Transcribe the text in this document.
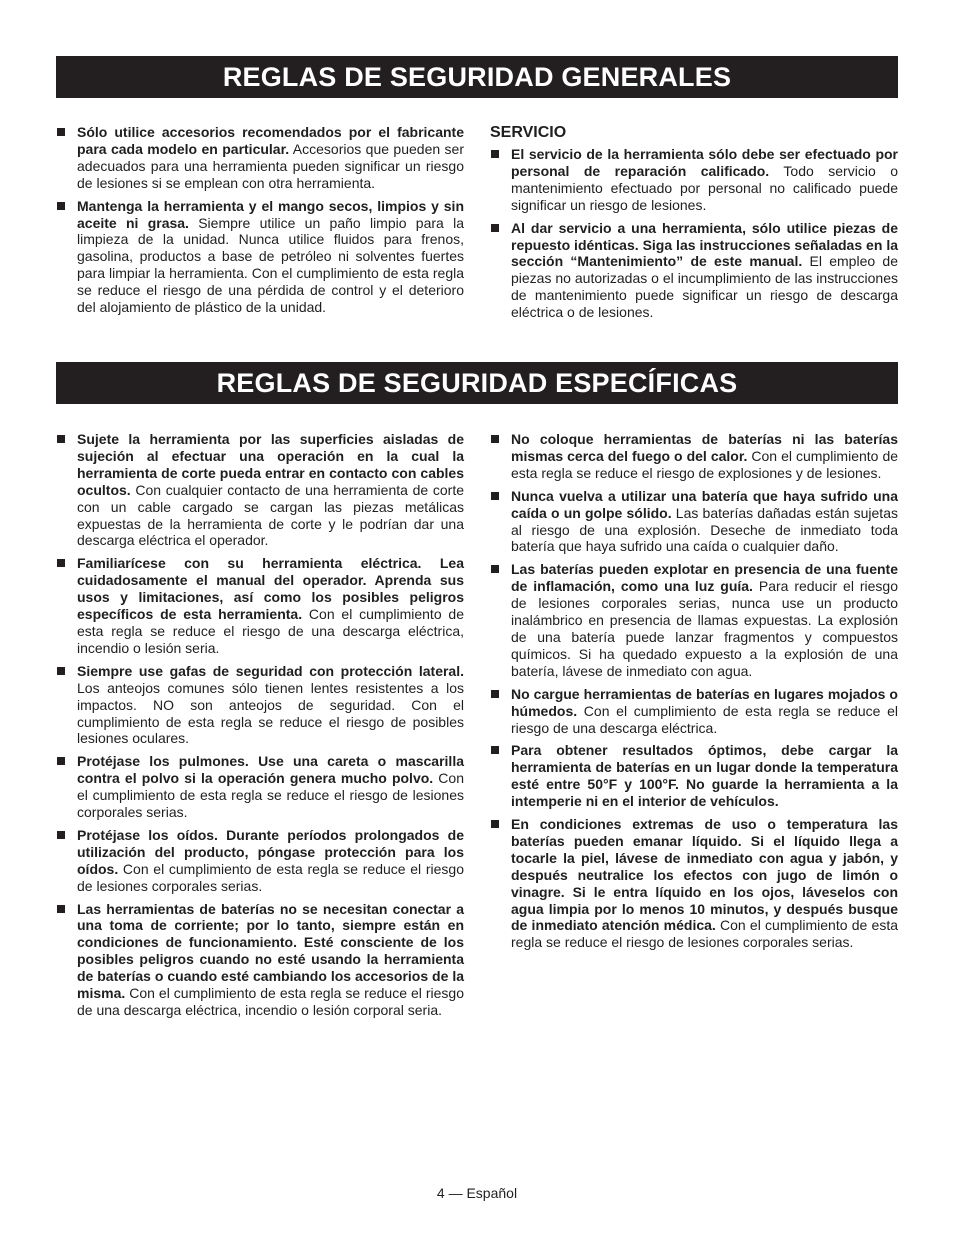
REGLAS DE SEGURIDAD GENERALES
Sólo utilice accesorios recomendados por el fabricante para cada modelo en particular. Accesorios que pueden ser adecuados para una herramienta pueden significar un riesgo de lesiones si se emplean con otra herramienta.
Mantenga la herramienta y el mango secos, limpios y sin aceite ni grasa. Siempre utilice un paño limpio para la limpieza de la unidad. Nunca utilice fluidos para frenos, gasolina, productos a base de petróleo ni solventes fuertes para limpiar la herramienta. Con el cumplimiento de esta regla se reduce el riesgo de una pérdida de control y el deterioro del alojamiento de plástico de la unidad.
SERVICIO
El servicio de la herramienta sólo debe ser efectuado por personal de reparación calificado. Todo servicio o mantenimiento efectuado por personal no calificado puede significar un riesgo de lesiones.
Al dar servicio a una herramienta, sólo utilice piezas de repuesto idénticas. Siga las instrucciones señaladas en la sección “Mantenimiento” de este manual. El empleo de piezas no autorizadas o el incumplimiento de las instrucciones de mantenimiento puede significar un riesgo de descarga eléctrica o de lesiones.
REGLAS DE SEGURIDAD ESPECÍFICAS
Sujete la herramienta por las superficies aisladas de sujeción al efectuar una operación en la cual la herramienta de corte pueda entrar en contacto con cables ocultos. Con cualquier contacto de una herramienta de corte con un cable cargado se cargan las piezas metálicas expuestas de la herramienta de corte y le podrían dar una descarga eléctrica el operador.
Familiarícese con su herramienta eléctrica. Lea cuidadosamente el manual del operador. Aprenda sus usos y limitaciones, así como los posibles peligros específicos de esta herramienta. Con el cumplimiento de esta regla se reduce el riesgo de una descarga eléctrica, incendio o lesión seria.
Siempre use gafas de seguridad con protección lateral. Los anteojos comunes sólo tienen lentes resistentes a los impactos. NO son anteojos de seguridad. Con el cumplimiento de esta regla se reduce el riesgo de posibles lesiones oculares.
Protéjase los pulmones. Use una careta o mascarilla contra el polvo si la operación genera mucho polvo. Con el cumplimiento de esta regla se reduce el riesgo de lesiones corporales serias.
Protéjase los oídos. Durante períodos prolongados de utilización del producto, póngase protección para los oídos. Con el cumplimiento de esta regla se reduce el riesgo de lesiones corporales serias.
Las herramientas de baterías no se necesitan conectar a una toma de corriente; por lo tanto, siempre están en condiciones de funcionamiento. Esté consciente de los posibles peligros cuando no esté usando la herramienta de baterías o cuando esté cambiando los accesorios de la misma. Con el cumplimiento de esta regla se reduce el riesgo de una descarga eléctrica, incendio o lesión corporal seria.
No coloque herramientas de baterías ni las baterías mismas cerca del fuego o del calor. Con el cumplimiento de esta regla se reduce el riesgo de explosiones y de lesiones.
Nunca vuelva a utilizar una batería que haya sufrido una caída o un golpe sólido. Las baterías dañadas están sujetas al riesgo de una explosión. Deseche de inmediato toda batería que haya sufrido una caída o cualquier daño.
Las baterías pueden explotar en presencia de una fuente de inflamación, como una luz guía. Para reducir el riesgo de lesiones corporales serias, nunca use un producto inalámbrico en presencia de llamas expuestas. La explosión de una batería puede lanzar fragmentos y compuestos químicos. Si ha quedado expuesto a la explosión de una batería, lávese de inmediato con agua.
No cargue herramientas de baterías en lugares mojados o húmedos. Con el cumplimiento de esta regla se reduce el riesgo de una descarga eléctrica.
Para obtener resultados óptimos, debe cargar la herramienta de baterías en un lugar donde la temperatura esté entre 50°F y 100°F. No guarde la herramienta a la intemperie ni en el interior de vehículos.
En condiciones extremas de uso o temperatura las baterías pueden emanar líquido. Si el líquido llega a tocarle la piel, lávese de inmediato con agua y jabón, y después neutralice los efectos con jugo de limón o vinagre. Si le entra líquido en los ojos, láveselos con agua limpia por lo menos 10 minutos, y después busque de inmediato atención médica. Con el cumplimiento de esta regla se reduce el riesgo de lesiones corporales serias.
4 — Español
